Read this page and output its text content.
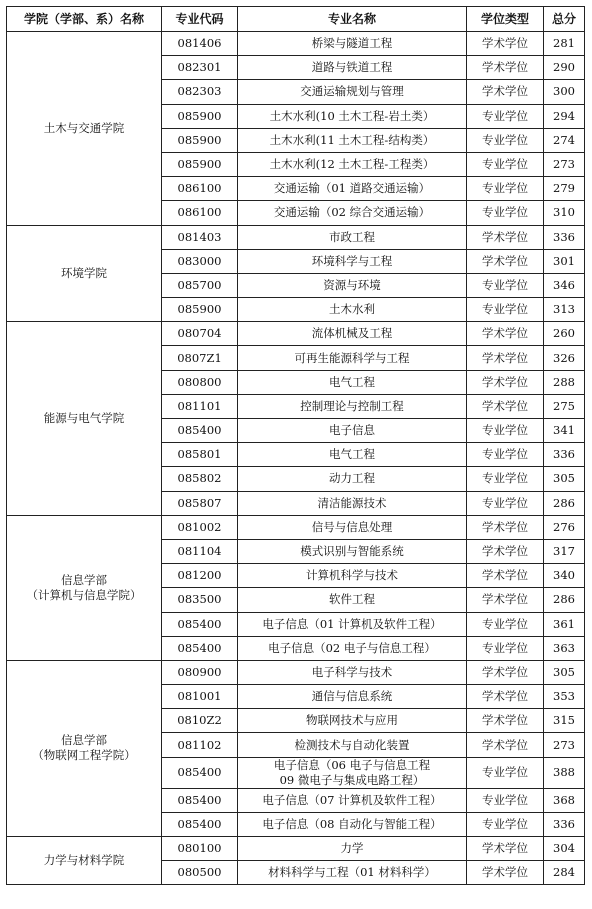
学院（学部、系）名称	专业代码	专业名称	学位类型	总分

土木与交通学院	081406	桥梁与隧道工程	学术学位	281
	082301	道路与铁道工程	学术学位	290
	082303	交通运输规划与管理	学术学位	300
	085900	土木水利(10 土木工程-岩土类）	专业学位	294
	085900	土木水利(11 土木工程-结构类）	专业学位	274
	085900	土木水利(12 土木工程-工程类）	专业学位	273
	086100	交通运输（01 道路交通运输）	专业学位	279
	086100	交通运输（02 综合交通运输）	专业学位	310

环境学院	081403	市政工程	学术学位	336
	083000	环境科学与工程	学术学位	301
	085700	资源与环境	专业学位	346
	085900	土木水利	专业学位	313

能源与电气学院	080704	流体机械及工程	学术学位	260
	0807Z1	可再生能源科学与工程	学术学位	326
	080800	电气工程	学术学位	288
	081101	控制理论与控制工程	学术学位	275
	085400	电子信息	专业学位	341
	085801	电气工程	专业学位	336
	085802	动力工程	专业学位	305
	085807	清洁能源技术	专业学位	286

信息学部
（计算机与信息学院）	081002	信号与信息处理	学术学位	276
	081104	模式识别与智能系统	学术学位	317
	081200	计算机科学与技术	学术学位	340
	083500	软件工程	学术学位	286
	085400	电子信息（01 计算机及软件工程）	专业学位	361
	085400	电子信息（02 电子与信息工程）	专业学位	363

信息学部
（物联网工程学院）	080900	电子科学与技术	学术学位	305
	081001	通信与信息系统	学术学位	353
	0810Z2	物联网技术与应用	学术学位	315
	081102	检测技术与自动化装置	学术学位	273
	085400	电子信息（06 电子与信息工程
09 微电子与集成电路工程）	专业学位	388
	085400	电子信息（07 计算机及软件工程）	专业学位	368
	085400	电子信息（08 自动化与智能工程）	专业学位	336

力学与材料学院	080100	力学	学术学位	304
	080500	材料科学与工程（01 材料科学）	学术学位	284
